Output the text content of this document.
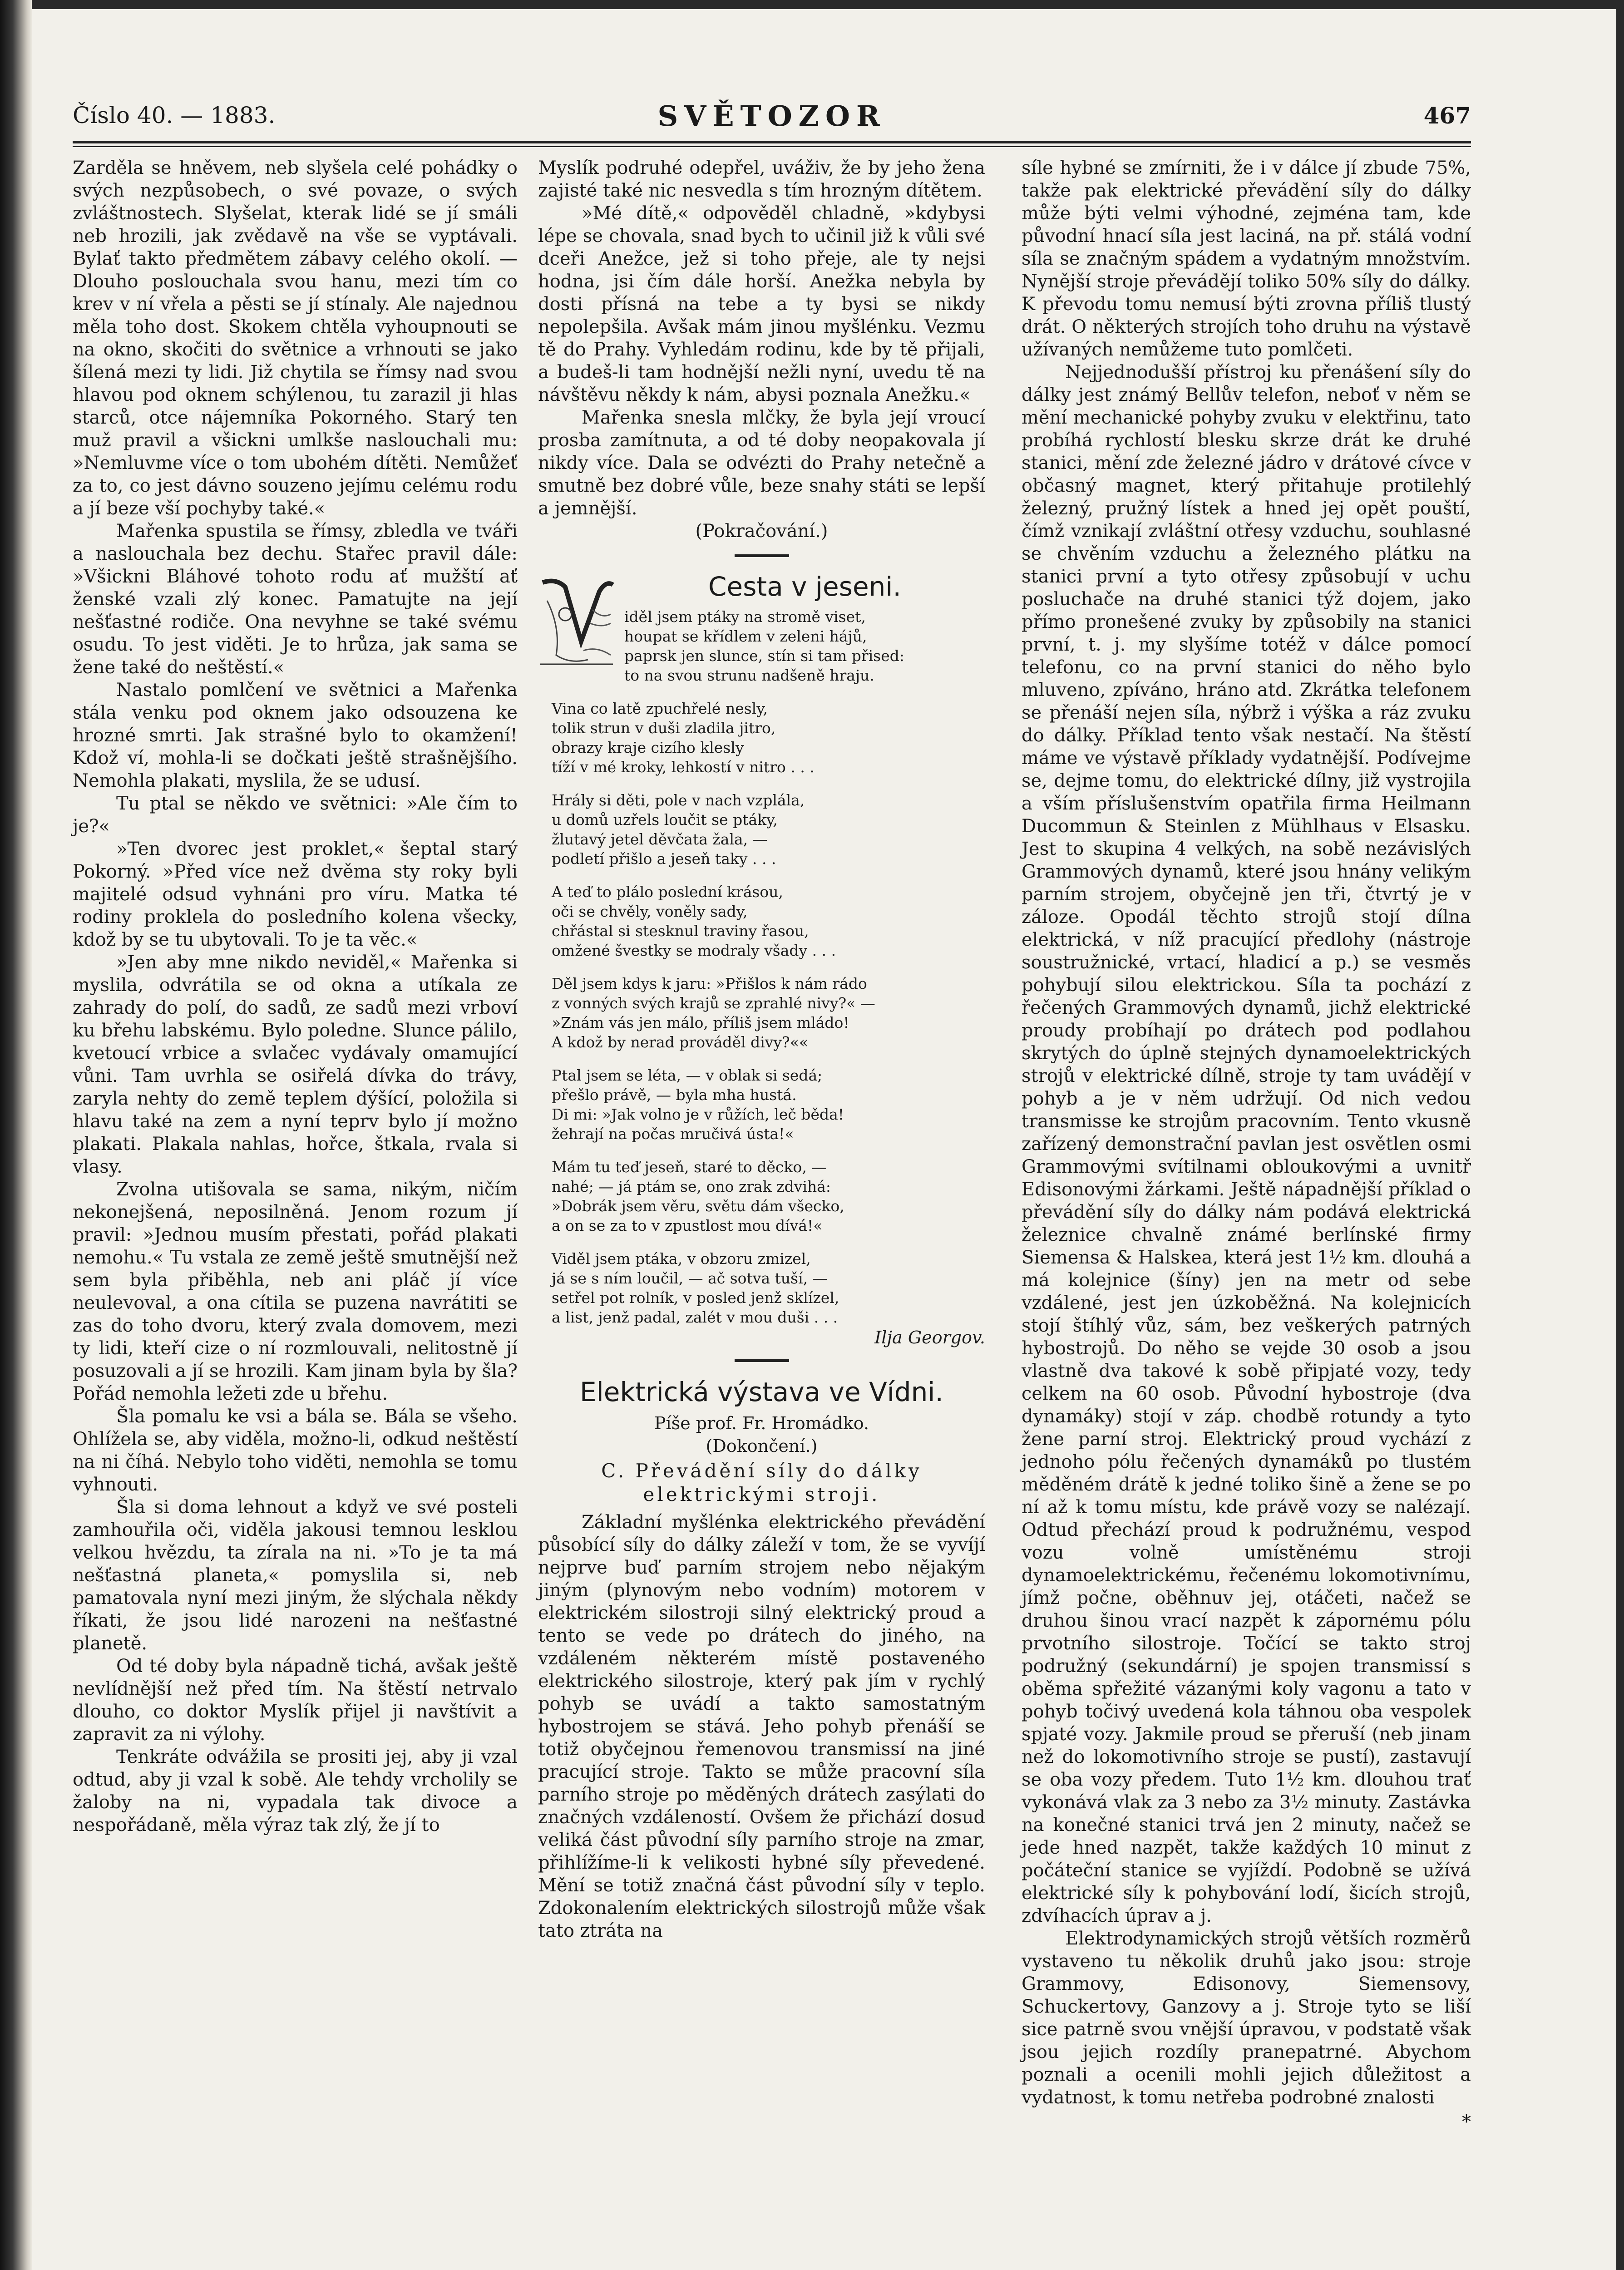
Číslo 40. — 1883.	SVĚTOZOR	467

Zarděla se hněvem, neb slyšela celé pohádky o svých nezpůsobech, o své povaze, o svých zvláštnostech. Slyšelat, kterak lidé se jí smáli neb hrozili, jak zvědavě na vše se vyptávali. Bylať takto předmětem zábavy celého okolí. — Dlouho poslouchala svou hanu, mezi tím co krev v ní vřela a pěsti se jí stínaly. Ale najednou měla toho dost. Skokem chtěla vyhoupnouti se na okno, skočiti do světnice a vrhnouti se jako šílená mezi ty lidi. Již chytila se římsy nad svou hlavou pod oknem schýlenou, tu zarazil ji hlas starců, otce nájemníka Pokorného. Starý ten muž pravil a všickni umlkše naslouchali mu: »Nemluvme více o tom ubohém dítěti. Nemůžeť za to, co jest dávno souzeno jejímu celému rodu a jí beze vší pochyby také.«

Mařenka spustila se římsy, zbledla ve tváři a naslouchala bez dechu. Stařec pravil dále: »Všickni Bláhové tohoto rodu ať mužští ať ženské vzali zlý konec. Pamatujte na její nešťastné rodiče. Ona nevyhne se také svému osudu. To jest viděti. Je to hrůza, jak sama se žene také do neštěstí.«

Nastalo pomlčení ve světnici a Mařenka stála venku pod oknem jako odsouzena ke hrozné smrti. Jak strašné bylo to okamžení! Kdož ví, mohla-li se dočkati ještě strašnějšího. Nemohla plakati, myslila, že se udusí.

Tu ptal se někdo ve světnici: »Ale čím to je?«

»Ten dvorec jest proklet,« šeptal starý Pokorný. »Před více než dvěma sty roky byli majitelé odsud vyhnáni pro víru. Matka té rodiny proklela do posledního kolena všecky, kdož by se tu ubytovali. To je ta věc.«

»Jen aby mne nikdo neviděl,« Mařenka si myslila, odvrátila se od okna a utíkala ze zahrady do polí, do sadů, ze sadů mezi vrboví ku břehu labskému. Bylo poledne. Slunce pálilo, kvetoucí vrbice a svlačec vydávaly omamující vůni. Tam uvrhla se osiřelá dívka do trávy, zaryla nehty do země teplem dýšící, položila si hlavu také na zem a nyní teprv bylo jí možno plakati. Plakala nahlas, hořce, štkala, rvala si vlasy.

Zvolna utišovala se sama, nikým, ničím nekonejšená, neposilněná. Jenom rozum jí pravil: »Jednou musím přestati, pořád plakati nemohu.« Tu vstala ze země ještě smutnější než sem byla přiběhla, neb ani pláč jí více neulevoval, a ona cítila se puzena navrátiti se zas do toho dvoru, který zvala domovem, mezi ty lidi, kteří cize o ní rozmlouvali, nelitostně jí posuzovali a jí se hrozili. Kam jinam byla by šla? Pořád nemohla ležeti zde u břehu.

Šla pomalu ke vsi a bála se. Bála se všeho. Ohlížela se, aby viděla, možno-li, odkud neštěstí na ni číhá. Nebylo toho viděti, nemohla se tomu vyhnouti.

Šla si doma lehnout a když ve své posteli zamhouřila oči, viděla jakousi temnou lesklou velkou hvězdu, ta zírala na ni. »To je ta má nešťastná planeta,« pomyslila si, neb pamatovala nyní mezi jiným, že slýchala někdy říkati, že jsou lidé narozeni na nešťastné planetě.

Od té doby byla nápadně tichá, avšak ještě nevlídnější než před tím. Na štěstí netrvalo dlouho, co doktor Myslík přijel ji navštívit a zapravit za ni výlohy.

Tenkráte odvážila se prositi jej, aby ji vzal odtud, aby ji vzal k sobě. Ale tehdy vrcholily se žaloby na ni, vypadala tak divoce a nespořádaně, měla výraz tak zlý, že jí to

Myslík podruhé odepřel, uváživ, že by jeho žena zajisté také nic nesvedla s tím hrozným dítětem.

»Mé dítě,« odpověděl chladně, »kdybysi lépe se chovala, snad bych to učinil již k vůli své dceři Anežce, jež si toho přeje, ale ty nejsi hodna, jsi čím dále horší. Anežka nebyla by dosti přísná na tebe a ty bysi se nikdy nepolepšila. Avšak mám jinou myšlénku. Vezmu tě do Prahy. Vyhledám rodinu, kde by tě přijali, a budeš-li tam hodnější nežli nyní, uvedu tě na návštěvu někdy k nám, abysi poznala Anežku.«

Mařenka snesla mlčky, že byla její vroucí prosba zamítnuta, a od té doby neopakovala jí nikdy více. Dala se odvézti do Prahy netečně a smutně bez dobré vůle, beze snahy státi se lepší a jemnější.

(Pokračování.)

Cesta v jeseni.
iděl jsem ptáky na stromě viset,
houpat se křídlem v zeleni hájů,
paprsk jen slunce, stín si tam přised:
to na svou strunu nadšeně hraju.
Vina co latě zpuchřelé nesly,
tolik strun v duši zladila jitro,
obrazy kraje cizího klesly
tíží v mé kroky, lehkostí v nitro . . .
Hrály si děti, pole v nach vzplála,
u domů uzřels loučit se ptáky,
žlutavý jetel děvčata žala, —
podletí přišlo a jeseň taky . . .
A teď to plálo poslední krásou,
oči se chvěly, voněly sady,
chřástal si stesknul traviny řasou,
omžené švestky se modraly všady . . .
Děl jsem kdys k jaru: »Přišlos k nám rádo
z vonných svých krajů se zprahlé nivy?« —
»Znám vás jen málo, příliš jsem mládo!
A kdož by nerad prováděl divy?««
Ptal jsem se léta, — v oblak si sedá;
přešlo právě, — byla mha hustá.
Di mi: »Jak volno je v růžích, leč běda!
žehrají na počas mručivá ústa!«
Mám tu teď jeseň, staré to děcko, —
nahé; — já ptám se, ono zrak zdvihá:
»Dobrák jsem věru, světu dám všecko,
a on se za to v zpustlost mou dívá!«
Viděl jsem ptáka, v obzoru zmizel,
já se s ním loučil, — ač sotva tuší, —
setřel pot rolník, v posled jenž sklízel,
a list, jenž padal, zalét v mou duši . . .
Ilja Georgov.
Elektrická výstava ve Vídni.
Píše prof. Fr. Hromádko.
(Dokončení.)
C. Převádění síly do dálky elektrickými stroji.

Základní myšlénka elektrického převádění působící síly do dálky záleží v tom, že se vyvíjí nejprve buď parním strojem nebo nějakým jiným (plynovým nebo vodním) motorem v elektrickém silostroji silný elektrický proud a tento se vede po drátech do jiného, na vzdáleném některém místě postaveného elektrického silostroje, který pak jím v rychlý pohyb se uvádí a takto samostatným hybostrojem se stává. Jeho pohyb přenáší se totiž obyčejnou řemenovou transmissí na jiné pracující stroje. Takto se může pracovní síla parního stroje po měděných drátech zasýlati do značných vzdáleností. Ovšem že přichází dosud veliká část původní síly parního stroje na zmar, přihlížíme-li k velikosti hybné síly převedené. Mění se totiž značná část původní síly v teplo. Zdokonalením elektrických silostrojů může však tato ztráta na

síle hybné se zmírniti, že i v dálce jí zbude 75%, takže pak elektrické převádění síly do dálky může býti velmi výhodné, zejména tam, kde původní hnací síla jest laciná, na př. stálá vodní síla se značným spádem a vydatným množstvím. Nynější stroje převádějí toliko 50% síly do dálky. K převodu tomu nemusí býti zrovna příliš tlustý drát. O některých strojích toho druhu na výstavě užívaných nemůžeme tuto pomlčeti.

Nejjednodušší přístroj ku přenášení síly do dálky jest známý Bellův telefon, neboť v něm se mění mechanické pohyby zvuku v elektřinu, tato probíhá rychlostí blesku skrze drát ke druhé stanici, mění zde železné jádro v drátové cívce v občasný magnet, který přitahuje protilehlý železný, pružný lístek a hned jej opět pouští, čímž vznikají zvláštní otřesy vzduchu, souhlasné se chvěním vzduchu a železného plátku na stanici první a tyto otřesy způsobují v uchu posluchače na druhé stanici týž dojem, jako přímo pronešené zvuky by způsobily na stanici první, t. j. my slyšíme totéž v dálce pomocí telefonu, co na první stanici do něho bylo mluveno, zpíváno, hráno atd. Zkrátka telefonem se přenáší nejen síla, nýbrž i výška a ráz zvuku do dálky. Příklad tento však nestačí. Na štěstí máme ve výstavě příklady vydatnější. Podívejme se, dejme tomu, do elektrické dílny, již vystrojila a vším příslušenstvím opatřila firma Heilmann Ducommun & Steinlen z Mühlhaus v Elsasku. Jest to skupina 4 velkých, na sobě nezávislých Grammových dynamů, které jsou hnány velikým parním strojem, obyčejně jen tři, čtvrtý je v záloze. Opodál těchto strojů stojí dílna elektrická, v níž pracující předlohy (nástroje soustružnické, vrtací, hladicí a p.) se vesměs pohybují silou elektrickou. Síla ta pochází z řečených Grammových dynamů, jichž elektrické proudy probíhají po drátech pod podlahou skrytých do úplně stejných dynamoelektrických strojů v elektrické dílně, stroje ty tam uvádějí v pohyb a je v něm udržují. Od nich vedou transmisse ke strojům pracovním. Tento vkusně zařízený demonstrační pavlan jest osvětlen osmi Grammovými svítilnami obloukovými a uvnitř Edisonovými žárkami. Ještě nápadnější příklad o převádění síly do dálky nám podává elektrická železnice chvalně známé berlínské firmy Siemensa & Halskea, která jest 1½ km. dlouhá a má kolejnice (šíny) jen na metr od sebe vzdálené, jest jen úzkoběžná. Na kolejnicích stojí štíhlý vůz, sám, bez veškerých patrných hybostrojů. Do něho se vejde 30 osob a jsou vlastně dva takové k sobě připjaté vozy, tedy celkem na 60 osob. Původní hybostroje (dva dynamáky) stojí v záp. chodbě rotundy a tyto žene parní stroj. Elektrický proud vychází z jednoho pólu řečených dynamáků po tlustém měděném drátě k jedné toliko šině a žene se po ní až k tomu místu, kde právě vozy se nalézají. Odtud přechází proud k podružnému, vespod vozu volně umístěnému stroji dynamoelektrickému, řečenému lokomotivnímu, jímž počne, oběhnuv jej, otáčeti, načež se druhou šinou vrací nazpět k zápornému pólu prvotního silostroje. Točící se takto stroj podružný (sekundární) je spojen transmissí s oběma spřežité vázanými koly vagonu a tato v pohyb točivý uvedená kola táhnou oba vespolek spjaté vozy. Jakmile proud se přeruší (neb jinam než do lokomotivního stroje se pustí), zastavují se oba vozy předem. Tuto 1½ km. dlouhou trať vykonává vlak za 3 nebo za 3½ minuty. Zastávka na konečné stanici trvá jen 2 minuty, načež se jede hned nazpět, takže každých 10 minut z počáteční stanice se vyjíždí. Podobně se užívá elektrické síly k pohybování lodí, šicích strojů, zdvíhacích úprav a j.

Elektrodynamických strojů větších rozměrů vystaveno tu několik druhů jako jsou: stroje Grammovy, Edisonovy, Siemensovy, Schuckertovy, Ganzovy a j. Stroje tyto se liší sice patrně svou vnější úpravou, v podstatě však jsou jejich rozdíly pranepatrné. Abychom poznali a ocenili mohli jejich důležitost a vydatnost, k tomu netřeba podrobné znalosti

*
